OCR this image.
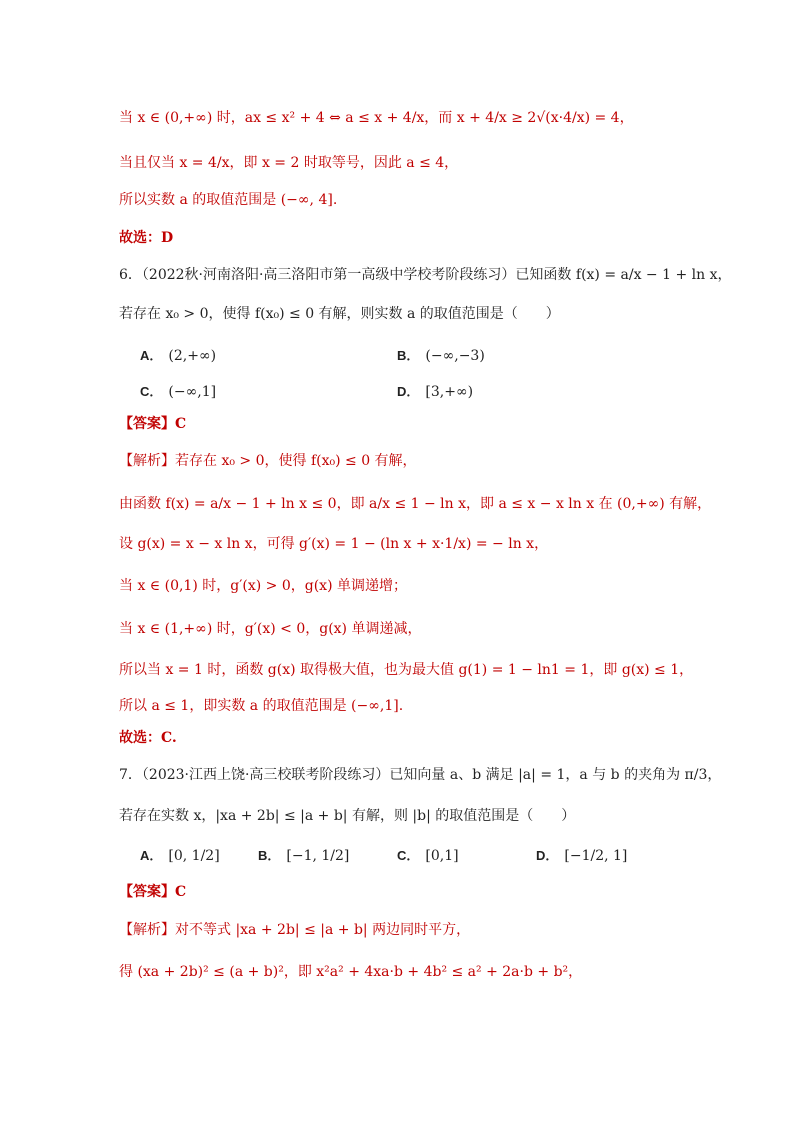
当 x ∈ (0,+∞) 时，ax ≤ x² + 4 ⇔ a ≤ x + 4/x，而 x + 4/x ≥ 2√(x·4/x) = 4，
当且仅当 x = 4/x，即 x = 2 时取等号，因此 a ≤ 4，
所以实数 a 的取值范围是 (−∞, 4].
故选：D
6．（2022秋·河南洛阳·高三洛阳市第一高级中学校考阶段练习）已知函数 f(x) = a/x − 1 + ln x，
若存在 x₀ > 0，使得 f(x₀) ≤ 0 有解，则实数 a 的取值范围是（　　）
A． (2,+∞)	B． (−∞,−3)
C． (−∞,1]	D． [3,+∞)
【答案】C
【解析】若存在 x₀ > 0，使得 f(x₀) ≤ 0 有解，
由函数 f(x) = a/x − 1 + ln x ≤ 0，即 a/x ≤ 1 − ln x，即 a ≤ x − x ln x 在 (0,+∞) 有解，
设 g(x) = x − x ln x，可得 g′(x) = 1 − (ln x + x·1/x) = − ln x，
当 x ∈ (0,1) 时，g′(x) > 0，g(x) 单调递增；
当 x ∈ (1,+∞) 时，g′(x) < 0，g(x) 单调递减，
所以当 x = 1 时，函数 g(x) 取得极大值，也为最大值 g(1) = 1 − ln1 = 1，即 g(x) ≤ 1，
所以 a ≤ 1，即实数 a 的取值范围是 (−∞,1].
故选：C.
7．（2023·江西上饶·高三校联考阶段练习）已知向量 a、b 满足 |a| = 1，a 与 b 的夹角为 π/3，
若存在实数 x，|xa + 2b| ≤ |a + b| 有解，则 |b| 的取值范围是（　　）
A． [0, 1/2]	B． [−1, 1/2]	C． [0,1]	D． [−1/2, 1]
【答案】C
【解析】对不等式 |xa + 2b| ≤ |a + b| 两边同时平方，
得 (xa + 2b)² ≤ (a + b)²，即 x²a² + 4xa·b + 4b² ≤ a² + 2a·b + b²，
